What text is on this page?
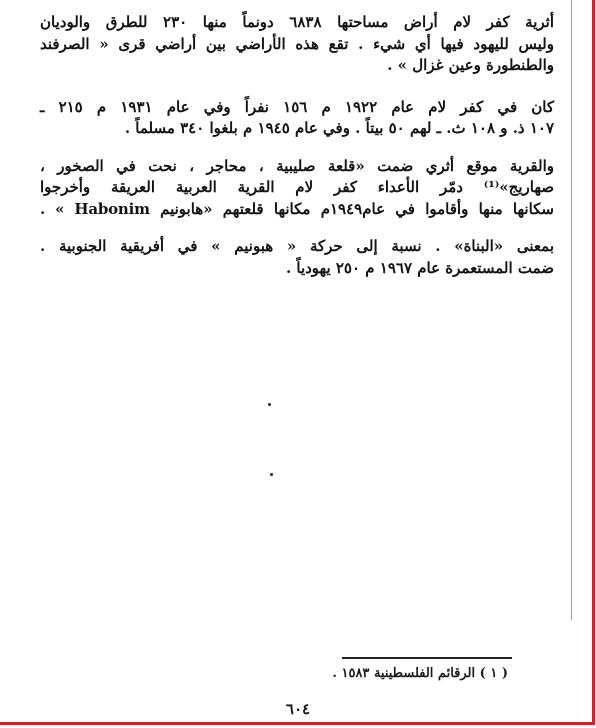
أثرية كفر لام أراض مساحتها ٦٨٣٨ دونماً منها ٢٣٠ للطرق والوديان
وليس لليهود فيها أي شيء . تقع هذه الأراضي بين أراضي قرى « الصرفند
والطنطورة وعين غزال » .
كان في كفر لام عام ١٩٢٢ م ١٥٦ نفراً وفي عام ١٩٣١ م ٢١٥ ـ
١٠٧ ذ. و ١٠٨ ث. ـ لهم ٥٠ بيتاً . وفي عام ١٩٤٥ م بلغوا ٣٤٠ مسلماً .
والقرية موقع أثري ضمت «قلعة صليبية ، محاجر ، نحت في الصخور ،
صهاريج»⁽¹⁾ دمّر الأعداء كفر لام القرية العربية العريقة وأخرجوا
سكانها منها وأقاموا في عام١٩٤٩م مكانها قلعتهم «هابونيم Habonim » .
بمعنى «البناة» . نسبة إلى حركة « هبونيم » في أفريقية الجنوبية .
ضمت المستعمرة عام ١٩٦٧ م ٢٥٠ يهودياً .
( ١ ) الرقائم الفلسطينية ١٥٨٣ .
٦٠٤
